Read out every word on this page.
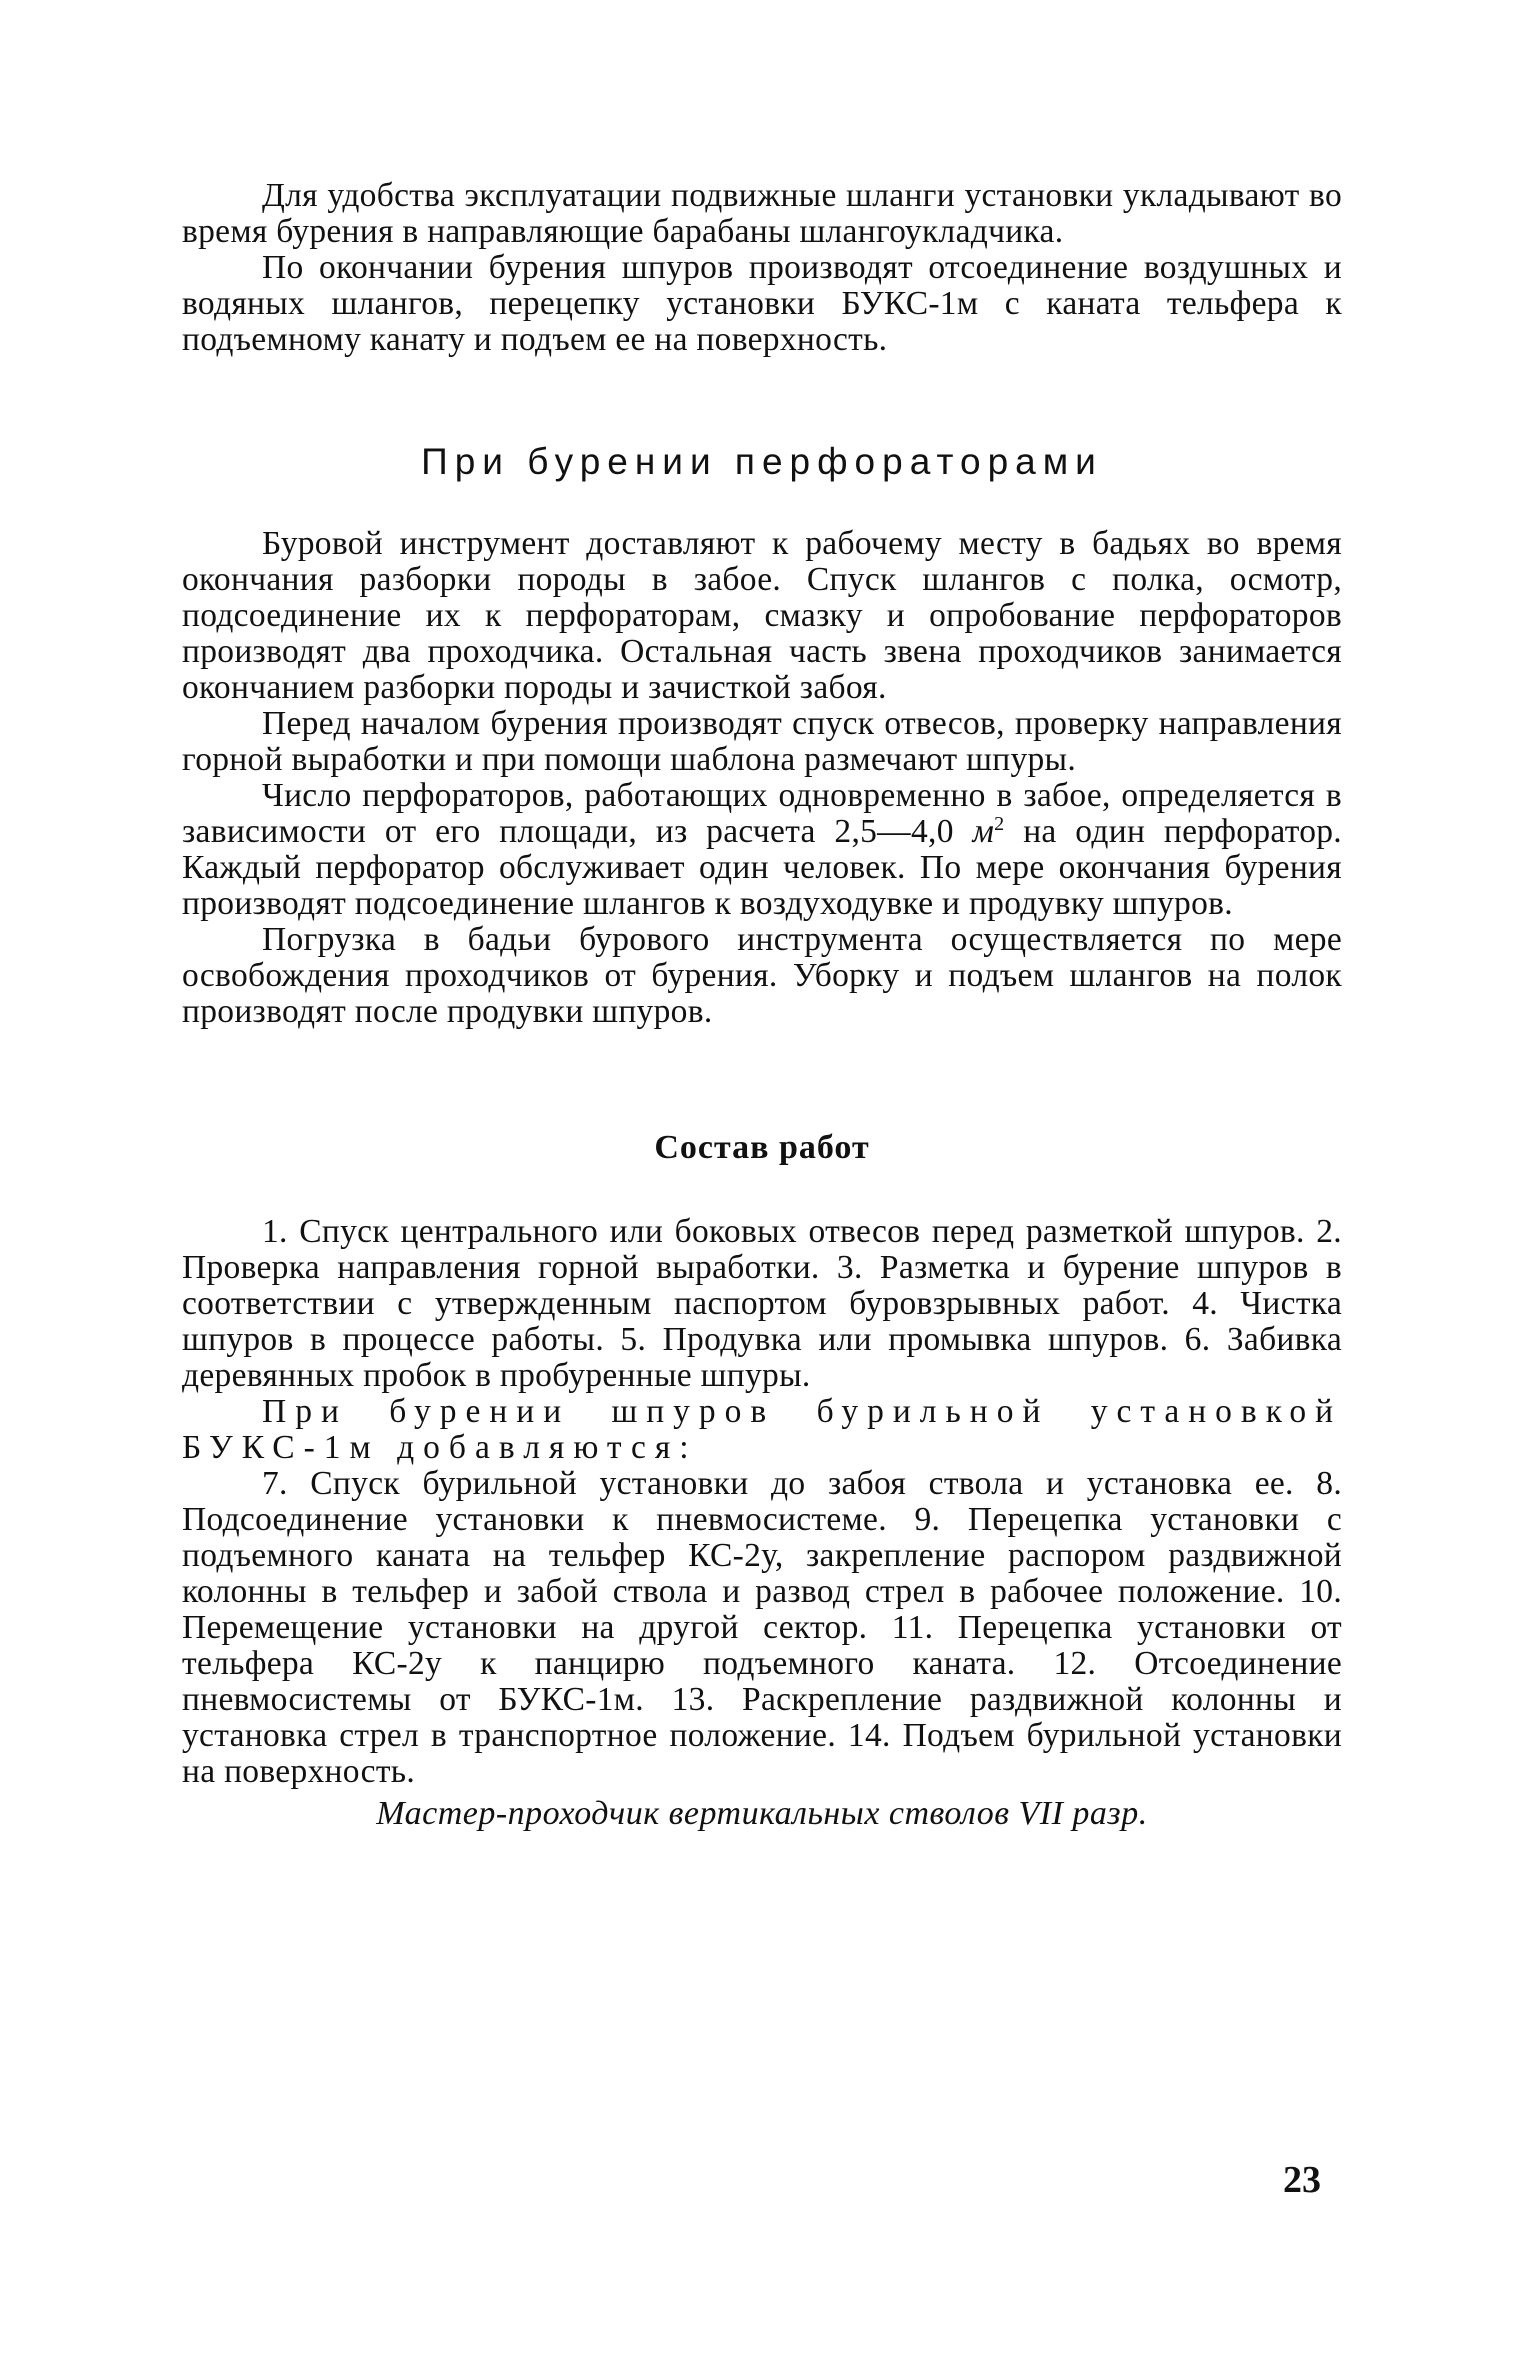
Для удобства эксплуатации подвижные шланги установки укладывают во время бурения в направляющие барабаны шлангоукладчика.

По окончании бурения шпуров производят отсоединение воздушных и водяных шлангов, перецепку установки БУКС-1м с каната тельфера к подъемному канату и подъем ее на поверхность.

При бурении перфораторами

Буровой инструмент доставляют к рабочему месту в бадьях во время окончания разборки породы в забое. Спуск шлангов с полка, осмотр, подсоединение их к перфораторам, смазку и опробование перфораторов производят два проходчика. Остальная часть звена проходчиков занимается окончанием разборки породы и зачисткой забоя.

Перед началом бурения производят спуск отвесов, проверку направления горной выработки и при помощи шаблона размечают шпуры.

Число перфораторов, работающих одновременно в забое, определяется в зависимости от его площади, из расчета 2,5—4,0 $м^2$ на один перфоратор. Каждый перфоратор обслуживает один человек. По мере окончания бурения производят подсоединение шлангов к воздуходувке и продувку шпуров.

Погрузка в бадьи бурового инструмента осуществляется по мере освобождения проходчиков от бурения. Уборку и подъем шлангов на полок производят после продувки шпуров.

Состав работ

1. Спуск центрального или боковых отвесов перед разметкой шпуров. 2. Проверка направления горной выработки. 3. Разметка и бурение шпуров в соответствии с утвержденным паспортом буровзрывных работ. 4. Чистка шпуров в процессе работы. 5. Продувка или промывка шпуров. 6. Забивка деревянных пробок в пробуренные шпуры.

При бурении шпуров бурильной установкой БУКС-1м добавляются:

7. Спуск бурильной установки до забоя ствола и установка ее. 8. Подсоединение установки к пневмосистеме. 9. Перецепка установки с подъемного каната на тельфер КС-2у, закрепление распором раздвижной колонны в тельфер и забой ствола и развод стрел в рабочее положение. 10. Перемещение установки на другой сектор. 11. Перецепка установки от тельфера КС-2у к панцирю подъемного каната. 12. Отсоединение пневмосистемы от БУКС-1м. 13. Раскрепление раздвижной колонны и установка стрел в транспортное положение. 14. Подъем бурильной установки на поверхность.

Мастер-проходчик вертикальных стволов VII разр.
23
